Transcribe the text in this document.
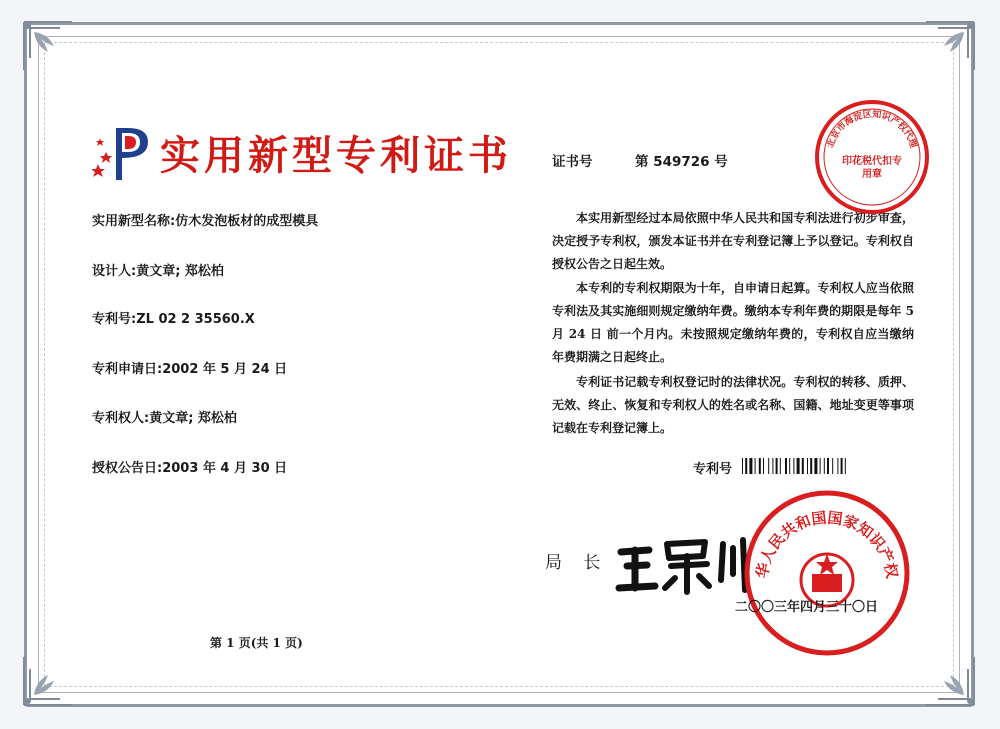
实用新型专利证书
实用新型名称:仿木发泡板材的成型模具
设计人:黄文章; 郑松柏
专利号:ZL 02 2 35560.X
专利申请日:2002 年 5 月 24 日
专利权人:黄文章; 郑松柏
授权公告日:2003 年 4 月 30 日
证书号	第 549726 号

本实用新型经过本局依照中华人民共和国专利法进行初步审查，决定授予专利权，颁发本证书并在专利登记簿上予以登记。专利权自授权公告之日起生效。

本专利的专利权期限为十年，自申请日起算。专利权人应当依照专利法及其实施细则规定缴纳年费。缴纳本专利年费的期限是每年 5 月 24 日 前一个月内。未按照规定缴纳年费的，专利权自应当缴纳年费期满之日起终止。

专利证书记载专利权登记时的法律状况。专利权的转移、质押、无效、终止、恢复和专利权人的姓名或名称、国籍、地址变更等事项记载在专利登记簿上。

专利号
局 长
北京市海淀区知识产权代理
印花税代扣专用章
华人民共和国国家知识产权
二〇〇三年四月三十〇日
第 1 页(共 1 页)
